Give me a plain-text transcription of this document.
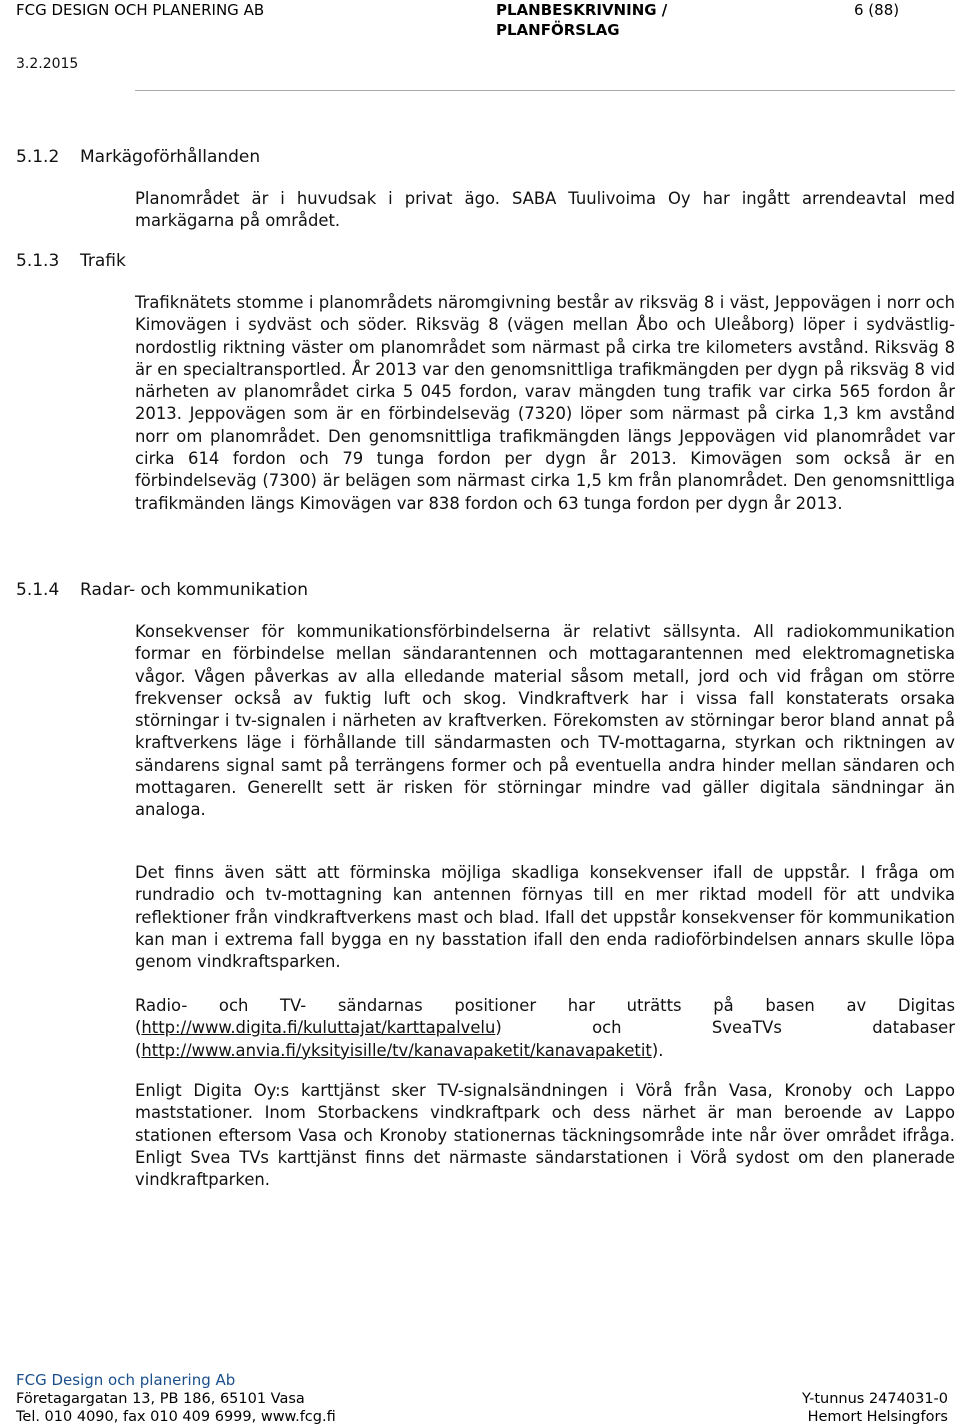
FCG DESIGN OCH PLANERING AB	PLANBESKRIVNING / PLANFÖRSLAG
6 (88)
3.2.2015
5.1.2 Markägoförhållanden
5.1.3 Trafik
5.1.4 Radar- och kommunikation

Planområdet är i huvudsak i privat ägo. SABA Tuulivoima Oy har ingått arrendeavtal med markägarna på området.

Trafiknätets stomme i planområdets näromgivning består av riksväg 8 i väst, Jeppovägen i norr och Kimovägen i sydväst och söder. Riksväg 8 (vägen mellan Åbo och Uleåborg) löper i sydvästlig-nordostlig riktning väster om planområdet som närmast på cirka tre kilometers avstånd. Riksväg 8 är en specialtransportled. År 2013 var den genomsnittliga trafikmängden per dygn på riksväg 8 vid närheten av planområdet cirka 5 045 fordon, varav mängden tung trafik var cirka 565 fordon år 2013. Jeppovägen som är en förbindelseväg (7320) löper som närmast på cirka 1,3 km avstånd norr om planområdet. Den genomsnittliga trafikmängden längs Jeppovägen vid planområdet var cirka 614 fordon och 79 tunga fordon per dygn år 2013. Kimovägen som också är en förbindelseväg (7300) är belägen som närmast cirka 1,5 km från planområdet. Den genomsnittliga trafikmänden längs Kimovägen var 838 fordon och 63 tunga fordon per dygn år 2013.

Konsekvenser för kommunikationsförbindelserna är relativt sällsynta. All radiokommunikation formar en förbindelse mellan sändarantennen och mottagarantennen med elektromagnetiska vågor. Vågen påverkas av alla elledande material såsom metall, jord och vid frågan om större frekvenser också av fuktig luft och skog. Vindkraftverk har i vissa fall konstaterats orsaka störningar i tv-signalen i närheten av kraftverken. Förekomsten av störningar beror bland annat på kraftverkens läge i förhållande till sändarmasten och TV-mottagarna, styrkan och riktningen av sändarens signal samt på terrängens former och på eventuella andra hinder mellan sändaren och mottagaren. Generellt sett är risken för störningar mindre vad gäller digitala sändningar än analoga.

Det finns även sätt att förminska möjliga skadliga konsekvenser ifall de uppstår. I fråga om rundradio och tv-mottagning kan antennen förnyas till en mer riktad modell för att undvika reflektioner från vindkraftverkens mast och blad. Ifall det uppstår konsekvenser för kommunikation kan man i extrema fall bygga en ny basstation ifall den enda radioförbindelsen annars skulle löpa genom vindkraftsparken.

Radio- och TV- sändarnas positioner har uträtts på basen av Digitas (http://www.digita.fi/kuluttajat/karttapalvelu) och SveaTVs databaser (http://www.anvia.fi/yksityisille/tv/kanavapaketit/kanavapaketit).

Enligt Digita Oy:s karttjänst sker TV-signalsändningen i Vörå från Vasa, Kronoby och Lappo maststationer. Inom Storbackens vindkraftpark och dess närhet är man beroende av Lappo stationen eftersom Vasa och Kronoby stationernas täckningsområde inte når över området ifråga. Enligt Svea TVs karttjänst finns det närmaste sändarstationen i Vörå sydost om den planerade vindkraftparken.

FCG Design och planering Ab
Företagargatan 13, PB 186, 65101 Vasa
Tel. 010 4090, fax 010 409 6999, www.fcg.fi
Y-tunnus 2474031-0
Hemort Helsingfors
